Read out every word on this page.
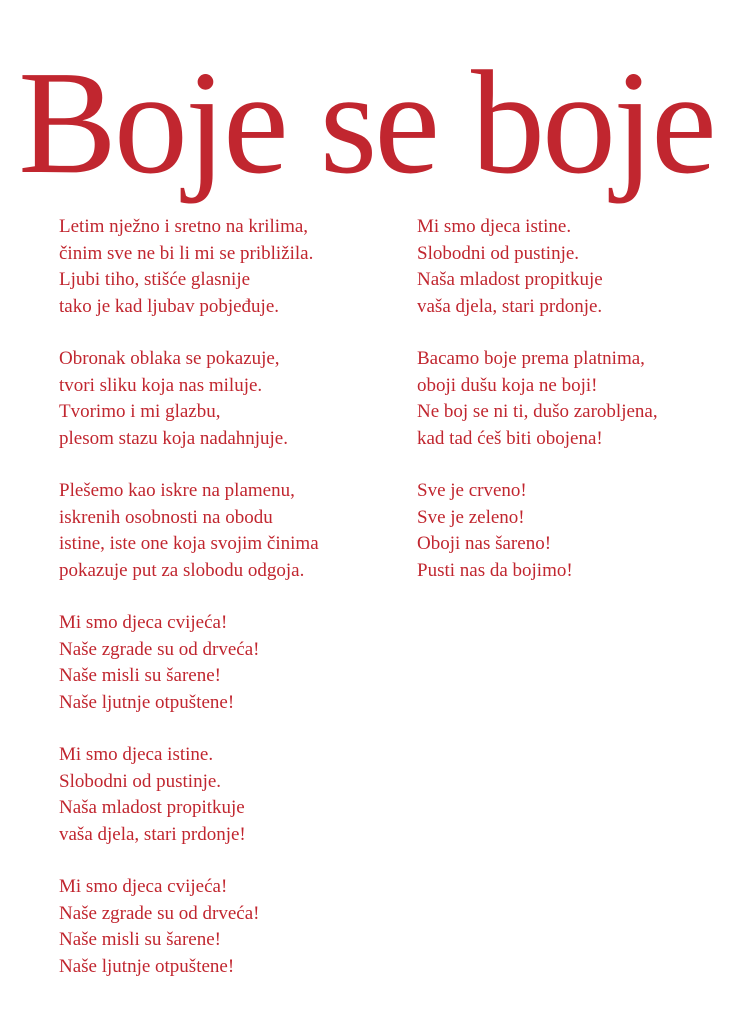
Boje se boje
Letim nježno i sretno na krilima,
činim sve ne bi li mi se približila.
Ljubi tiho, stišće glasnije
tako je kad ljubav pobjeđuje.
Obronak oblaka se pokazuje,
tvori sliku koja nas miluje.
Tvorimo i mi glazbu,
plesom stazu koja nadahnjuje.
Plešemo kao iskre na plamenu,
iskrenih osobnosti na obodu
istine, iste one koja svojim činima
pokazuje put za slobodu odgoja.
Mi smo djeca cvijeća!
Naše zgrade su od drveća!
Naše misli su šarene!
Naše ljutnje otpuštene!
Mi smo djeca istine.
Slobodni od pustinje.
Naša mladost propitkuje
vaša djela, stari prdonje!
Mi smo djeca cvijeća!
Naše zgrade su od drveća!
Naše misli su šarene!
Naše ljutnje otpuštene!
Mi smo djeca istine.
Slobodni od pustinje.
Naša mladost propitkuje
vaša djela, stari prdonje.
Bacamo boje prema platnima,
oboji dušu koja ne boji!
Ne boj se ni ti, dušo zarobljena,
kad tad ćeš biti obojena!
Sve je crveno!
Sve je zeleno!
Oboji nas šareno!
Pusti nas da bojimo!
